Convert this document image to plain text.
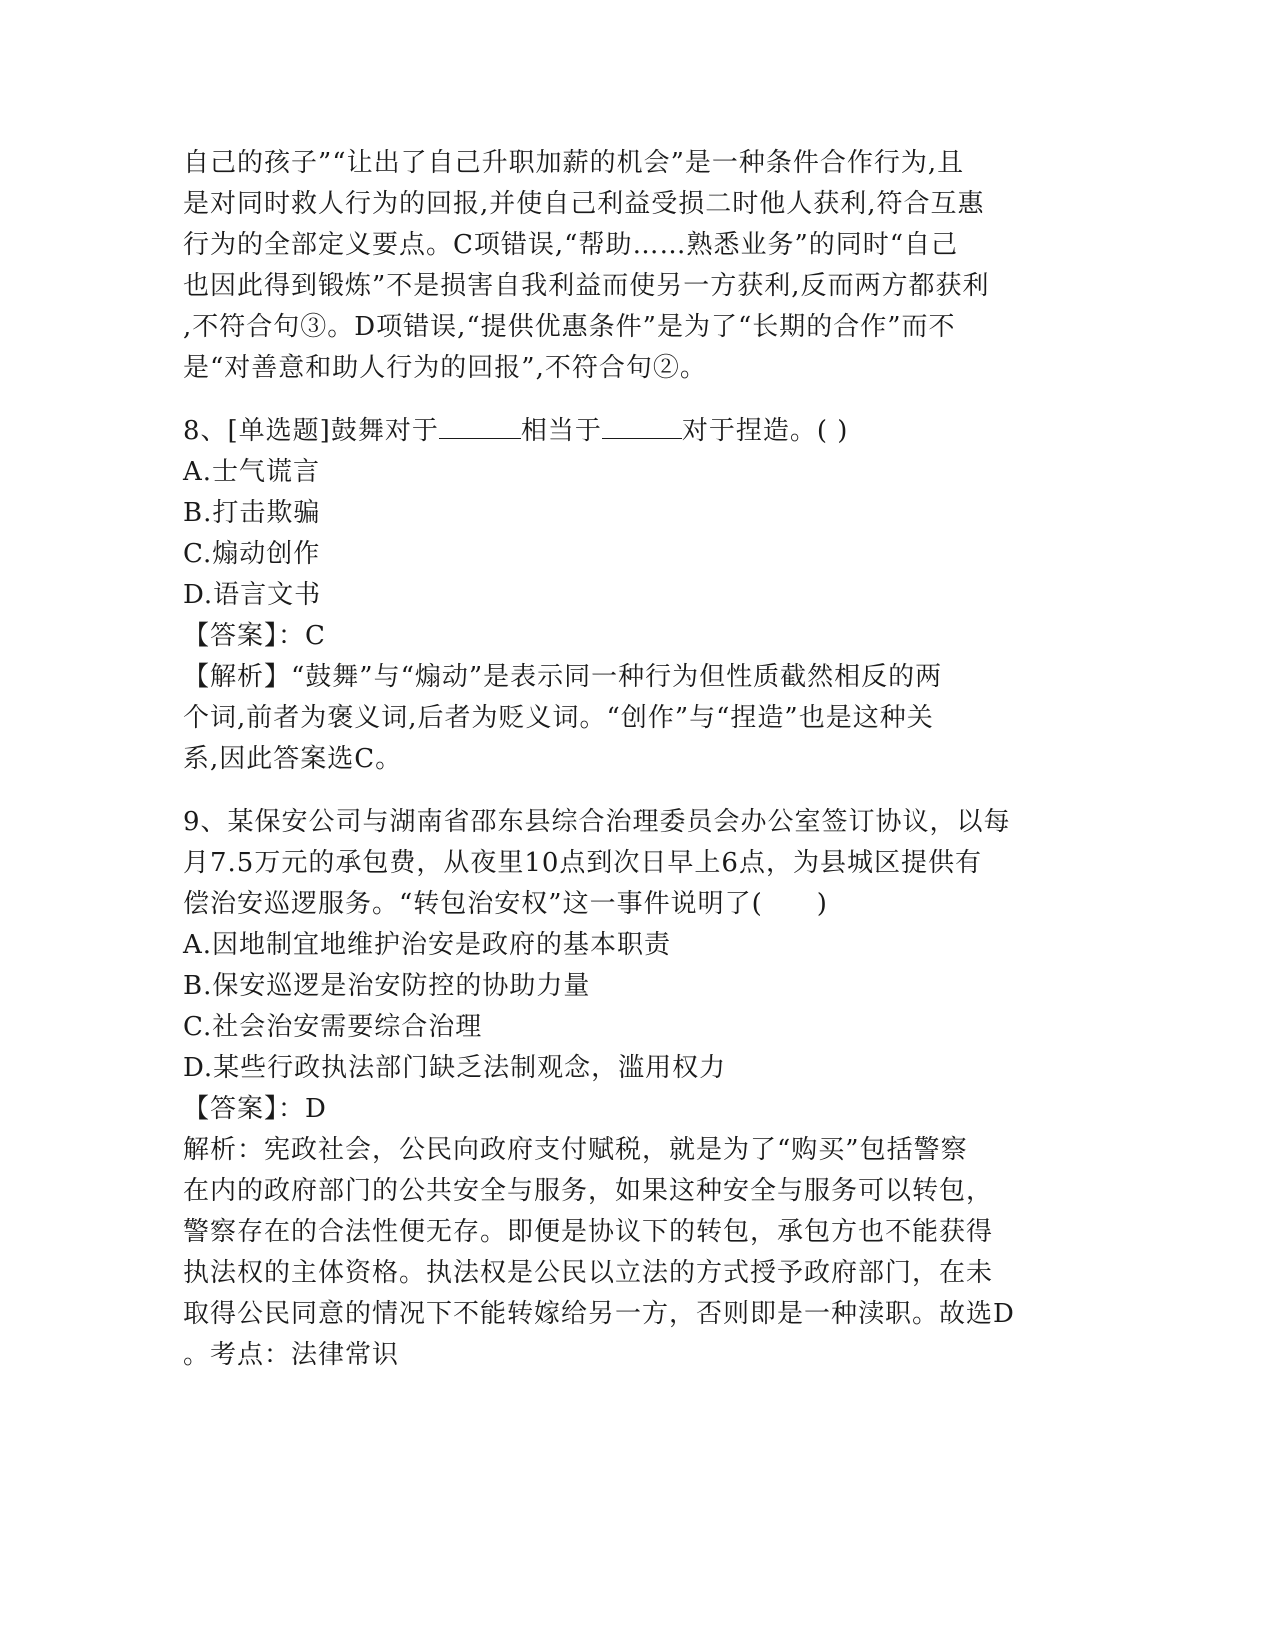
自己的孩子”“让出了自己升职加薪的机会”是一种条件合作行为,且
是对同时救人行为的回报,并使自己利益受损二时他人获利,符合互惠
行为的全部定义要点。C项错误,“帮助……熟悉业务”的同时“自己
也因此得到锻炼”不是损害自我利益而使另一方获利,反而两方都获利
,不符合句③。D项错误,“提供优惠条件”是为了“长期的合作”而不
是“对善意和助人行为的回报”,不符合句②。
8、[单选题]鼓舞对于	相当于	对于捏造。( )
A.士气谎言
B.打击欺骗
C.煽动创作
D.语言文书
【答案】：C
【解析】“鼓舞”与“煽动”是表示同一种行为但性质截然相反的两
个词,前者为褒义词,后者为贬义词。“创作”与“捏造”也是这种关
系,因此答案选C。
9、某保安公司与湖南省邵东县综合治理委员会办公室签订协议，以每
月7.5万元的承包费，从夜里10点到次日早上6点，为县城区提供有
偿治安巡逻服务。“转包治安权”这一事件说明了(　　)
A.因地制宜地维护治安是政府的基本职责
B.保安巡逻是治安防控的协助力量
C.社会治安需要综合治理
D.某些行政执法部门缺乏法制观念，滥用权力
【答案】：D
解析：宪政社会，公民向政府支付赋税，就是为了“购买”包括警察
在内的政府部门的公共安全与服务，如果这种安全与服务可以转包，
警察存在的合法性便无存。即便是协议下的转包，承包方也不能获得
执法权的主体资格。执法权是公民以立法的方式授予政府部门，在未
取得公民同意的情况下不能转嫁给另一方，否则即是一种渎职。故选D
。考点：法律常识
